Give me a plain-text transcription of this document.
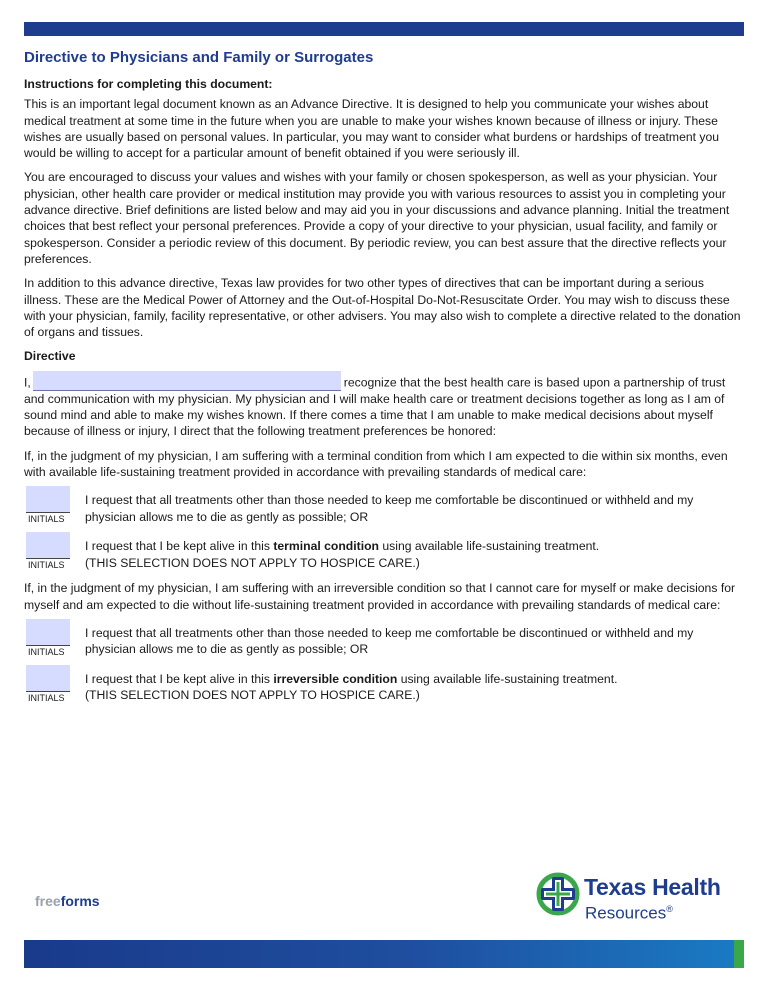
Directive to Physicians and Family or Surrogates
Instructions for completing this document:

This is an important legal document known as an Advance Directive. It is designed to help you communicate your wishes about medical treatment at some time in the future when you are unable to make your wishes known because of illness or injury. These wishes are usually based on personal values. In particular, you may want to consider what burdens or hardships of treatment you would be willing to accept for a particular amount of benefit obtained if you were seriously ill.

You are encouraged to discuss your values and wishes with your family or chosen spokesperson, as well as your physician. Your physician, other health care provider or medical institution may provide you with various resources to assist you in completing your advance directive. Brief definitions are listed below and may aid you in your discussions and advance planning. Initial the treatment choices that best reflect your personal preferences. Provide a copy of your directive to your physician, usual facility, and family or spokesperson. Consider a periodic review of this document. By periodic review, you can best assure that the directive reflects your preferences.

In addition to this advance directive, Texas law provides for two other types of directives that can be important during a serious illness. These are the Medical Power of Attorney and the Out-of-Hospital Do-Not-Resuscitate Order. You may wish to discuss these with your physician, family, facility representative, or other advisers. You may also wish to complete a directive related to the donation of organs and tissues.

Directive

I,	recognize that the best health care is based upon a partnership of trust and communication with my physician. My physician and I will make health care or treatment decisions together as long as I am of sound mind and able to make my wishes known. If there comes a time that I am unable to make medical decisions about myself because of illness or injury, I direct that the following treatment preferences be honored:

If, in the judgment of my physician, I am suffering with a terminal condition from which I am expected to die within six months, even with available life-sustaining treatment provided in accordance with prevailing standards of medical care:

INITIALS
I request that all treatments other than those needed to keep me comfortable be discontinued or withheld and my physician allows me to die as gently as possible; OR
INITIALS
I request that I be kept alive in this terminal condition using available life-sustaining treatment.
(THIS SELECTION DOES NOT APPLY TO HOSPICE CARE.)

If, in the judgment of my physician, I am suffering with an irreversible condition so that I cannot care for myself or make decisions for myself and am expected to die without life-sustaining treatment provided in accordance with prevailing standards of medical care:

INITIALS
I request that all treatments other than those needed to keep me comfortable be discontinued or withheld and my physician allows me to die as gently as possible; OR
INITIALS
I request that I be kept alive in this irreversible condition using available life-sustaining treatment.
(THIS SELECTION DOES NOT APPLY TO HOSPICE CARE.)
freeforms
Texas Health
Resources®
